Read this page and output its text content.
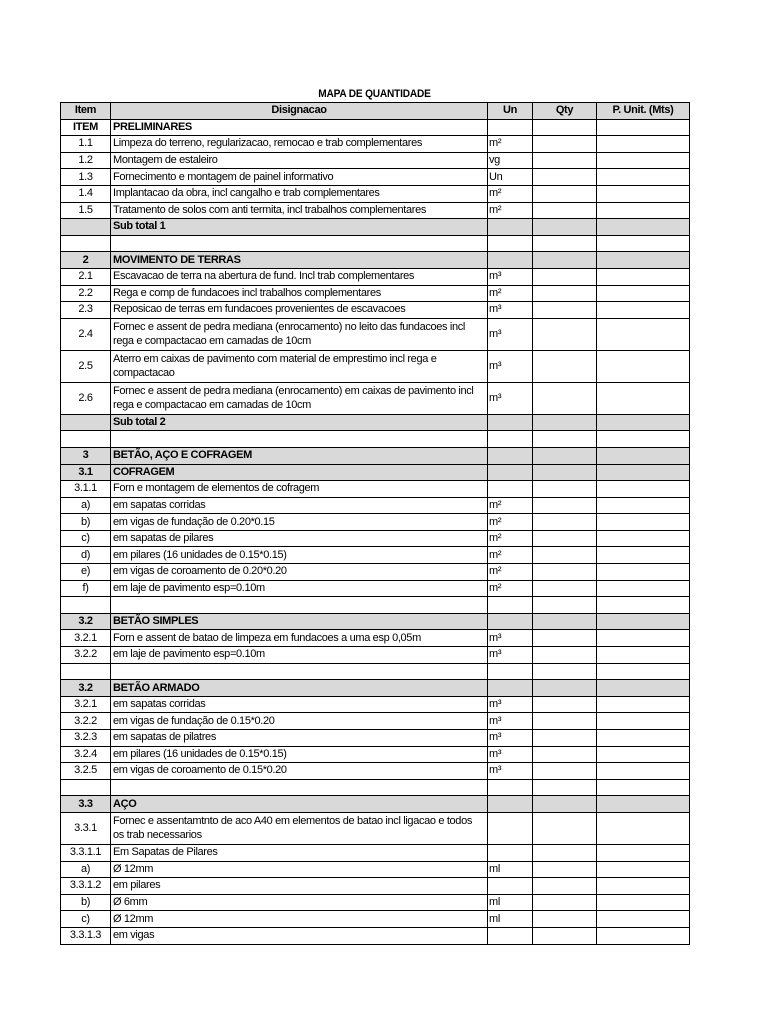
MAPA DE QUANTIDADE
Item	Disignacao	Un	Qty	P. Unit. (Mts)
ITEM	PRELIMINARES			
1.1	Limpeza do terreno, regularizacao, remocao e trab complementares	m²		
1.2	Montagem de estaleiro	vg		
1.3	Fornecimento e montagem de painel informativo	Un		
1.4	Implantacao da obra, incl cangalho e trab complementares	m²		
1.5	Tratamento de solos com anti termita, incl trabalhos complementares	m²		
	Sub total 1			

2	MOVIMENTO DE TERRAS			
2.1	Escavacao de terra na abertura de fund. Incl trab complementares	m³		
2.2	Rega e comp de fundacoes incl trabalhos complementares	m²		
2.3	Reposicao de terras em fundacoes provenientes de escavacoes	m³		
2.4	Fornec e assent de pedra mediana (enrocamento) no leito das fundacoes incl rega e compactacao em camadas de 10cm	m³		
2.5	Aterro em caixas de pavimento com material de emprestimo incl rega e compactacao	m³		
2.6	Fornec e assent de pedra mediana (enrocamento) em caixas de pavimento incl rega e compactacao em camadas de 10cm	m³		
	Sub total 2			

3	BETÃO, AÇO E COFRAGEM			
3.1	COFRAGEM			
3.1.1	Forn e montagem de elementos de cofragem			
a)	em sapatas corridas	m²		
b)	em vigas de fundação de 0.20*0.15	m²		
c)	em sapatas de pilares	m²		
d)	em pilares (16 unidades de 0.15*0.15)	m²		
e)	em vigas de coroamento de 0.20*0.20	m²		
f)	em laje de pavimento esp=0.10m	m²		

3.2	BETÃO SIMPLES			
3.2.1	Forn e assent de batao de limpeza em fundacoes a uma esp 0,05m	m³		
3.2.2	em laje de pavimento esp=0.10m	m³		

3.2	BETÃO ARMADO			
3.2.1	em sapatas corridas	m³		
3.2.2	em vigas de fundação de 0.15*0.20	m³		
3.2.3	em sapatas de pilatres	m³		
3.2.4	em pilares (16 unidades de 0.15*0.15)	m³		
3.2.5	em vigas de coroamento de 0.15*0.20	m³		

3.3	AÇO			
3.3.1	Fornec e assentamtnto de aco A40 em elementos de batao incl ligacao e todos os trab necessarios			
3.3.1.1	Em Sapatas de Pilares			
a)	Ø 12mm	ml		
3.3.1.2	em pilares			
b)	Ø 6mm	ml		
c)	Ø 12mm	ml		
3.3.1.3	em vigas			
